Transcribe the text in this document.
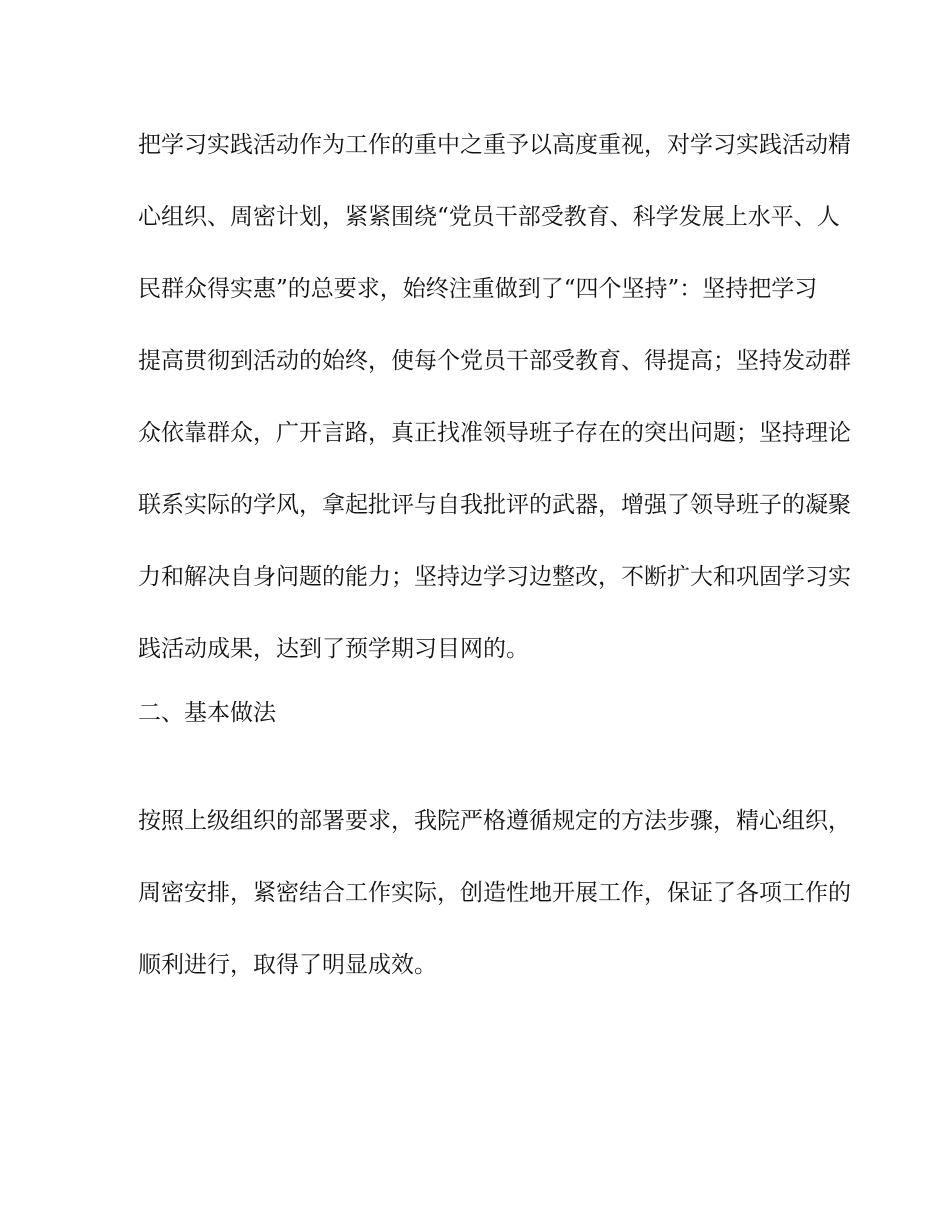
把学习实践活动作为工作的重中之重予以高度重视，对学习实践活动精
心组织、周密计划，紧紧围绕“党员干部受教育、科学发展上水平、人
民群众得实惠”的总要求，始终注重做到了“四个坚持”：坚持把学习
提高贯彻到活动的始终，使每个党员干部受教育、得提高；坚持发动群
众依靠群众，广开言路，真正找准领导班子存在的突出问题；坚持理论
联系实际的学风，拿起批评与自我批评的武器，增强了领导班子的凝聚
力和解决自身问题的能力；坚持边学习边整改，不断扩大和巩固学习实
践活动成果，达到了预学期习目网的。
二、基本做法
按照上级组织的部署要求，我院严格遵循规定的方法步骤，精心组织，
周密安排，紧密结合工作实际，创造性地开展工作，保证了各项工作的
顺利进行，取得了明显成效。
